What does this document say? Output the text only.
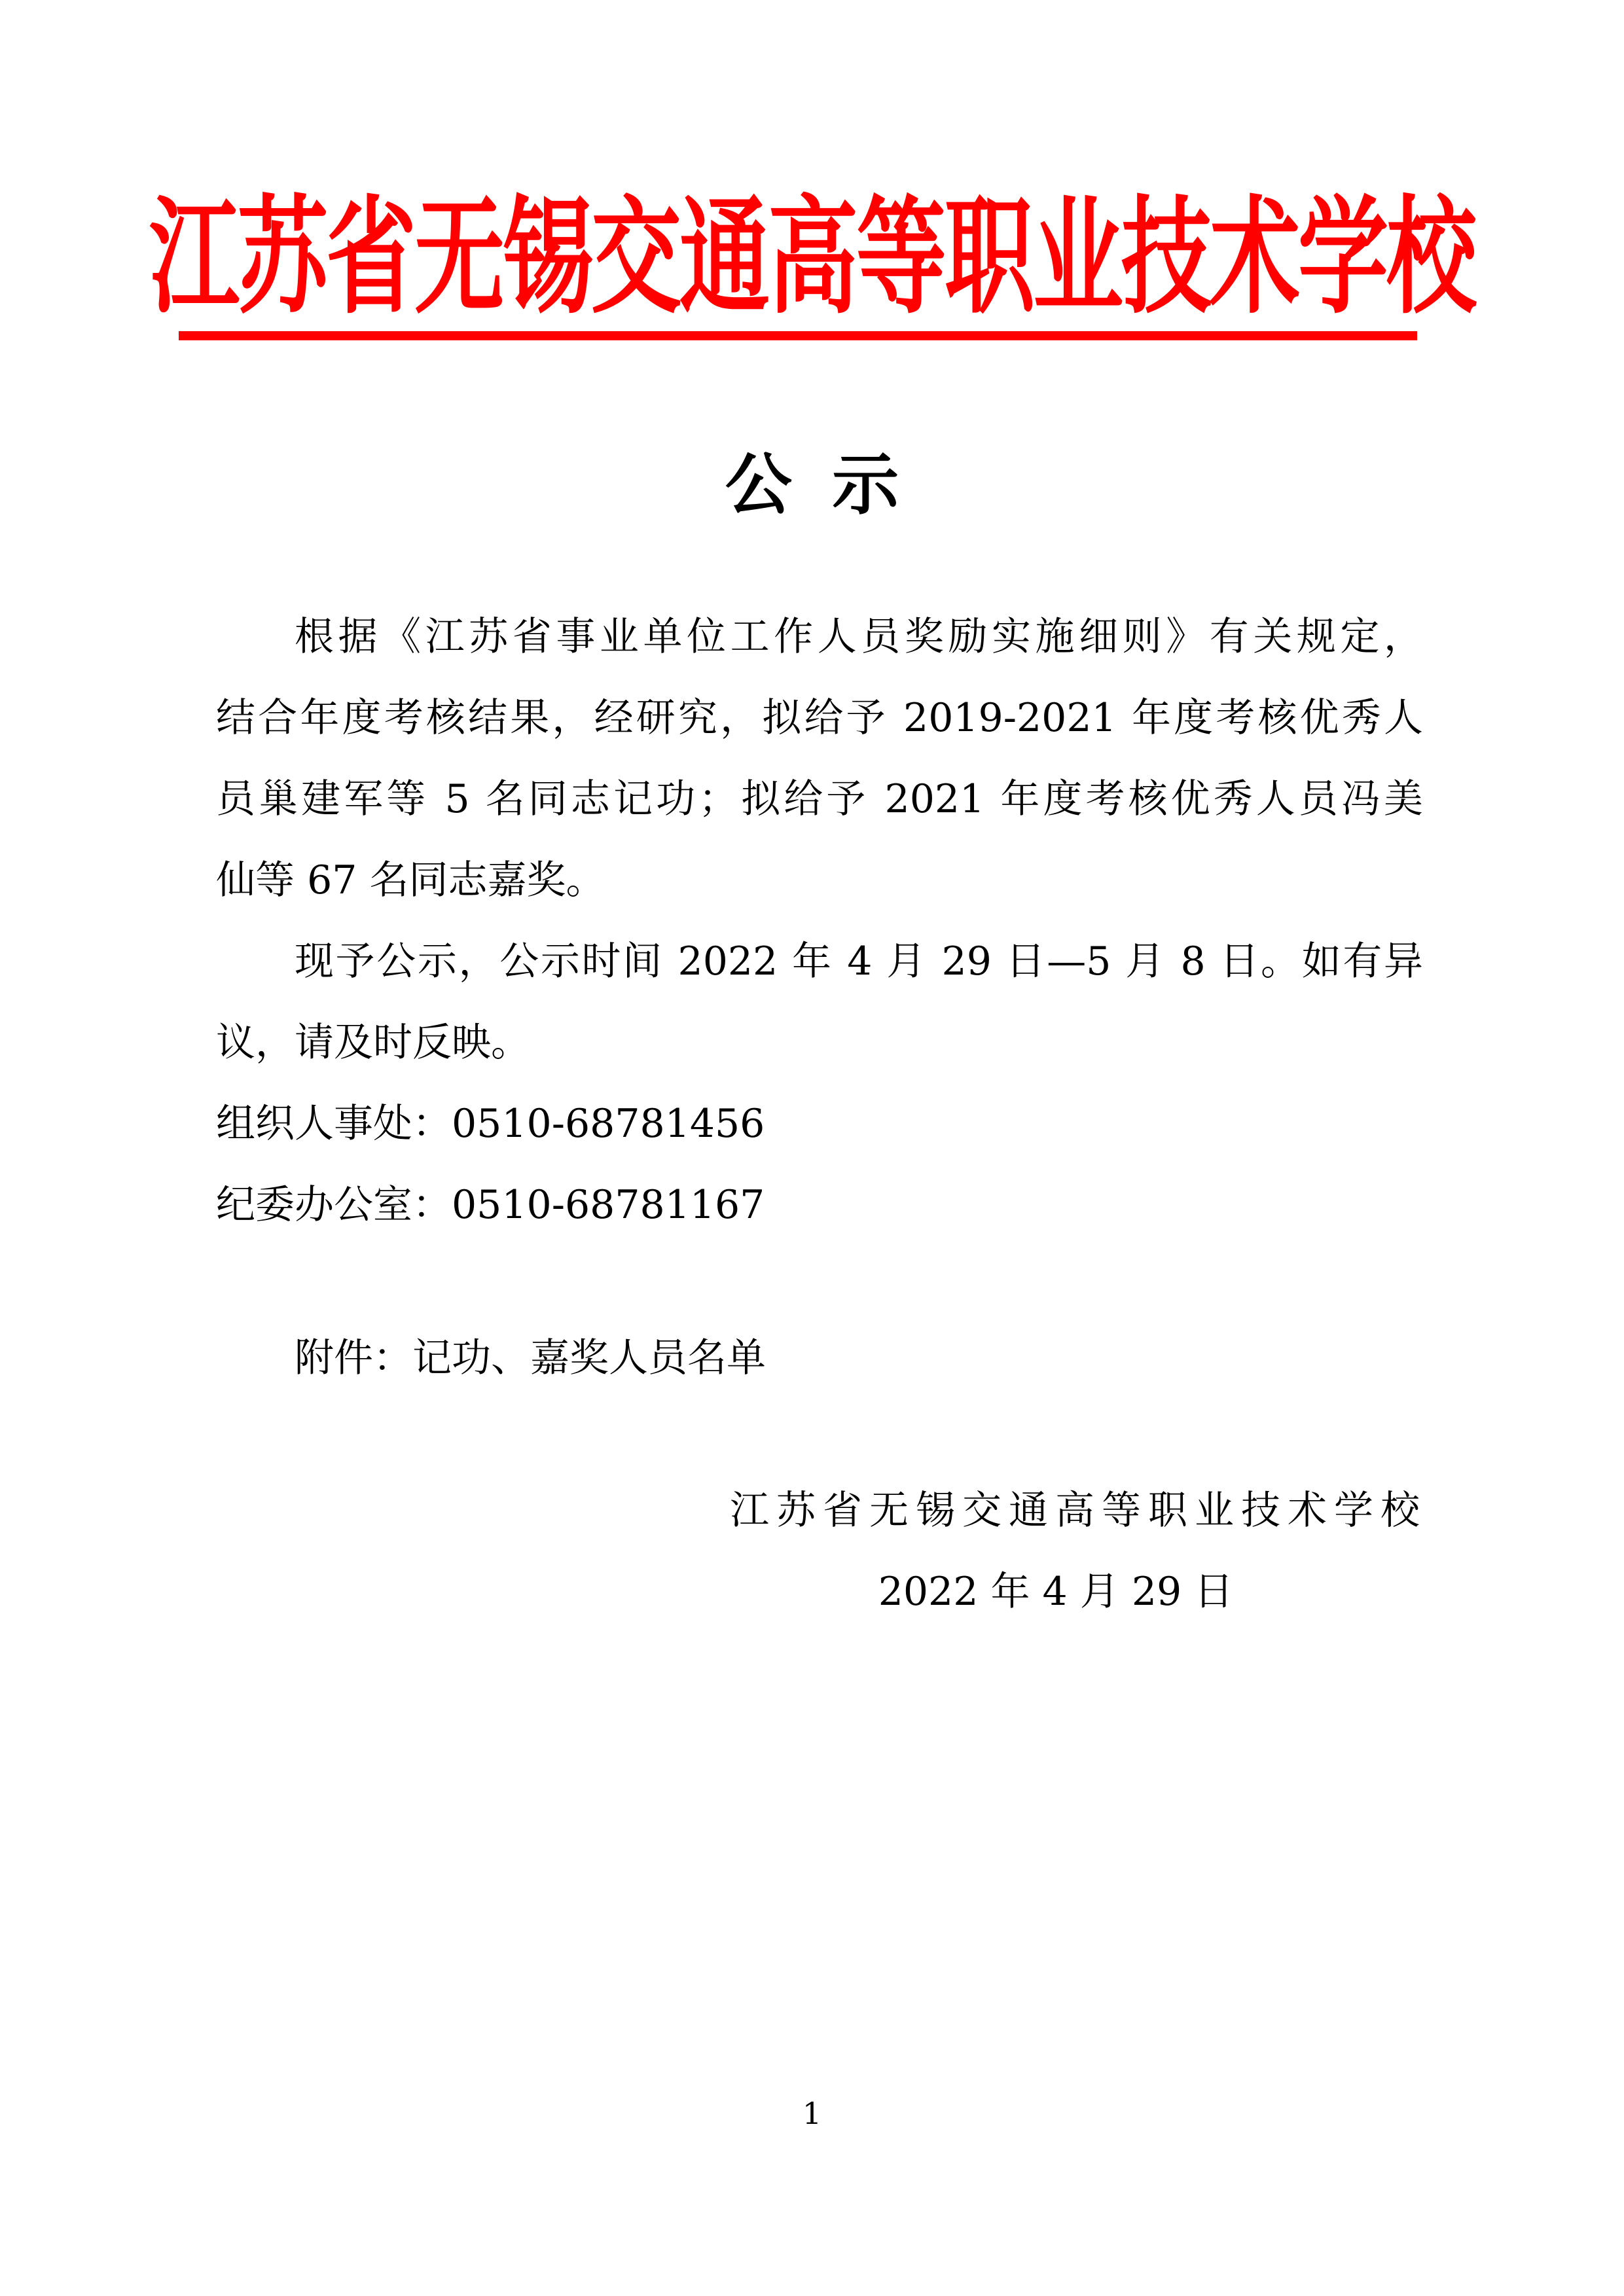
江苏省无锡交通高等职业技术学校
公 示
根据《江苏省事业单位工作人员奖励实施细则》有关规定，
结合年度考核结果，经研究，拟给予 2019-2021 年度考核优秀人
员巢建军等 5 名同志记功；拟给予 2021 年度考核优秀人员冯美
仙等 67 名同志嘉奖。
现予公示，公示时间 2022 年 4 月 29 日—5 月 8 日。如有异
议，请及时反映。
组织人事处：0510-68781456
纪委办公室：0510-68781167
附件：记功、嘉奖人员名单
江苏省无锡交通高等职业技术学校
2022 年 4 月 29 日
1
